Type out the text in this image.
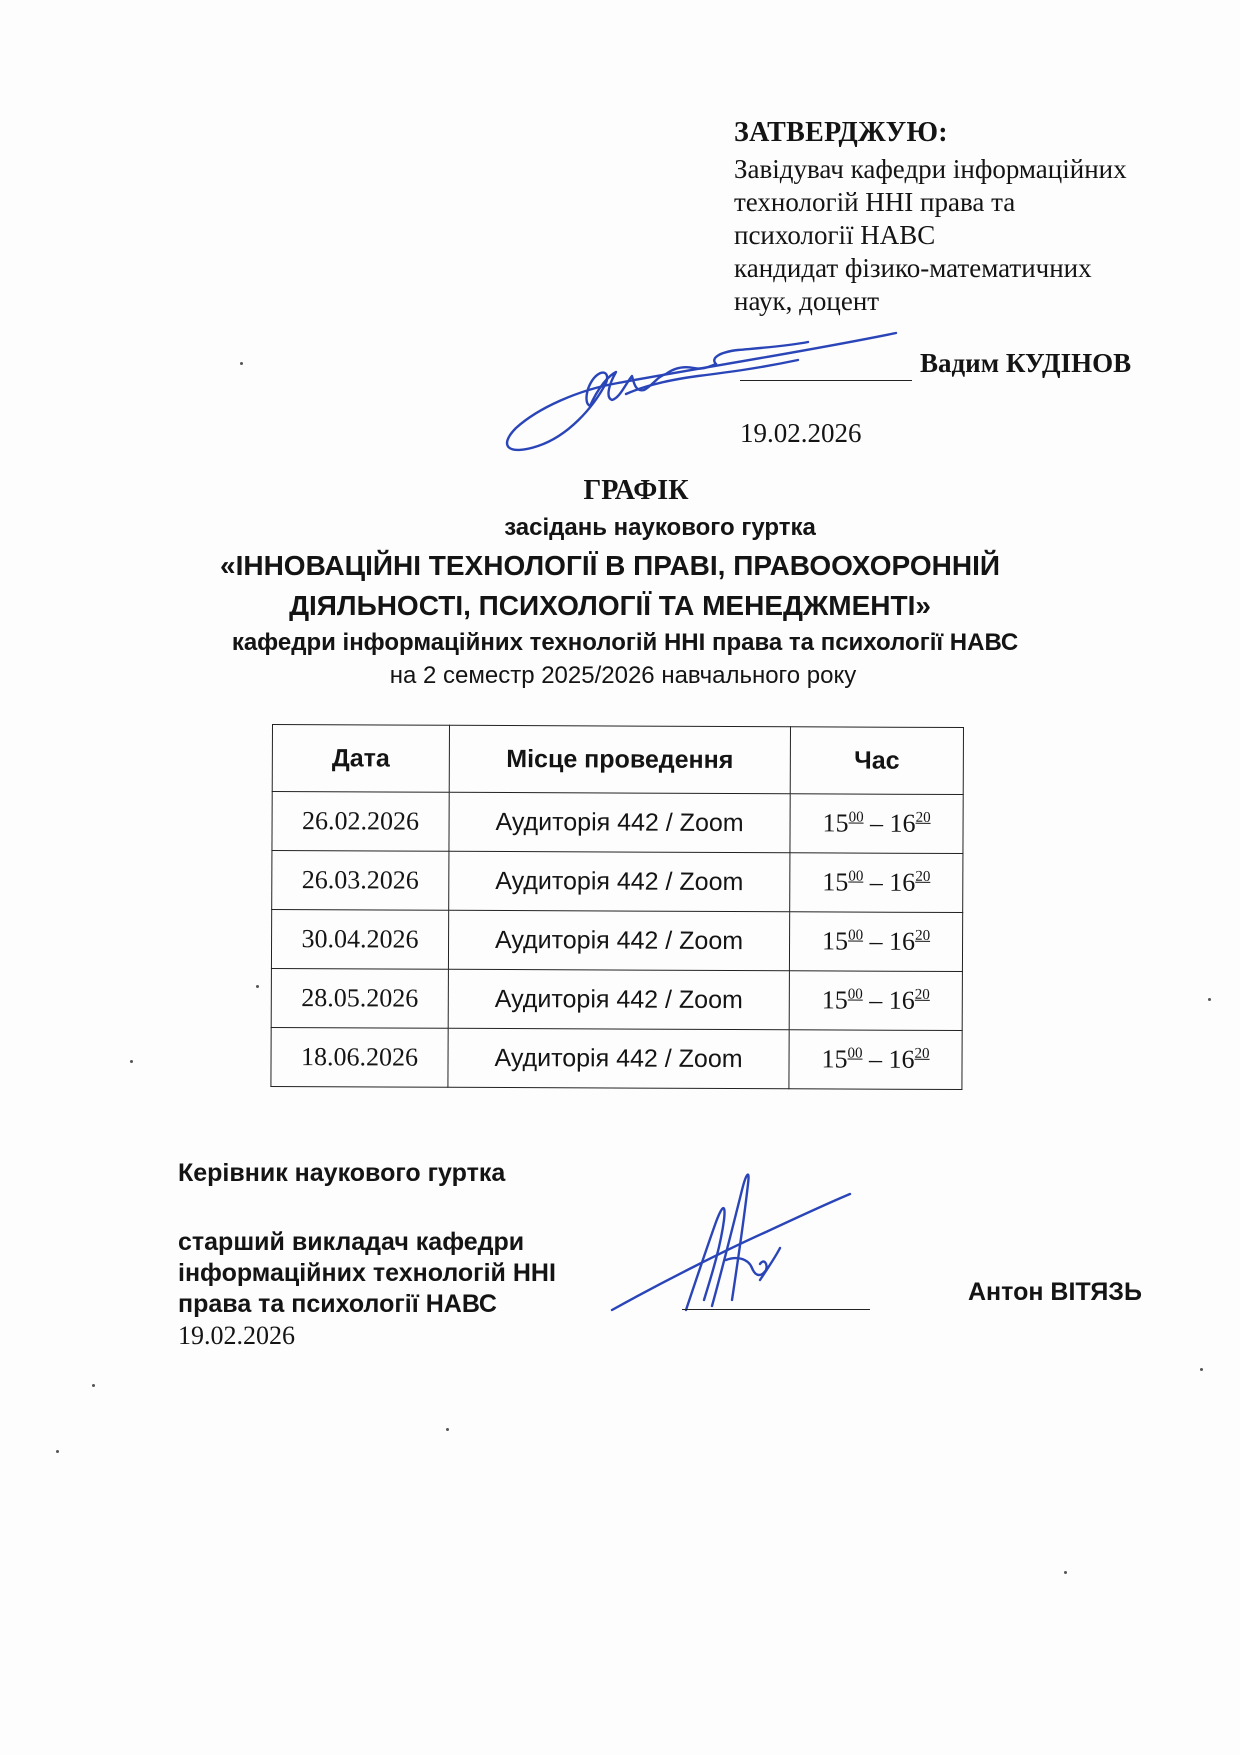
ЗАТВЕРДЖУЮ:
Завідувач кафедри інформаційних
технологій ННІ права та
психології НАВС
кандидат фізико-математичних
наук, доцент
Вадим КУДІНОВ
19.02.2026
ГРАФІК
засідань наукового гуртка
«ІННОВАЦІЙНІ ТЕХНОЛОГІЇ В ПРАВІ, ПРАВООХОРОННІЙ
ДІЯЛЬНОСТІ, ПСИХОЛОГІЇ ТА МЕНЕДЖМЕНТІ»
кафедри інформаційних технологій ННІ права та психології НАВС
на 2 семестр 2025/2026 навчального року
Дата	Місце проведення	Час
26.02.2026	Аудиторія 442 / Zoom	$15^{00} - 16^{20}$
26.03.2026	Аудиторія 442 / Zoom	$15^{00} - 16^{20}$
30.04.2026	Аудиторія 442 / Zoom	$15^{00} - 16^{20}$
28.05.2026	Аудиторія 442 / Zoom	$15^{00} - 16^{20}$
18.06.2026	Аудиторія 442 / Zoom	$15^{00} - 16^{20}$
Керівник наукового гуртка
старший викладач кафедри
інформаційних технологій ННІ
права та психології НАВС
19.02.2026
Антон ВІТЯЗЬ
